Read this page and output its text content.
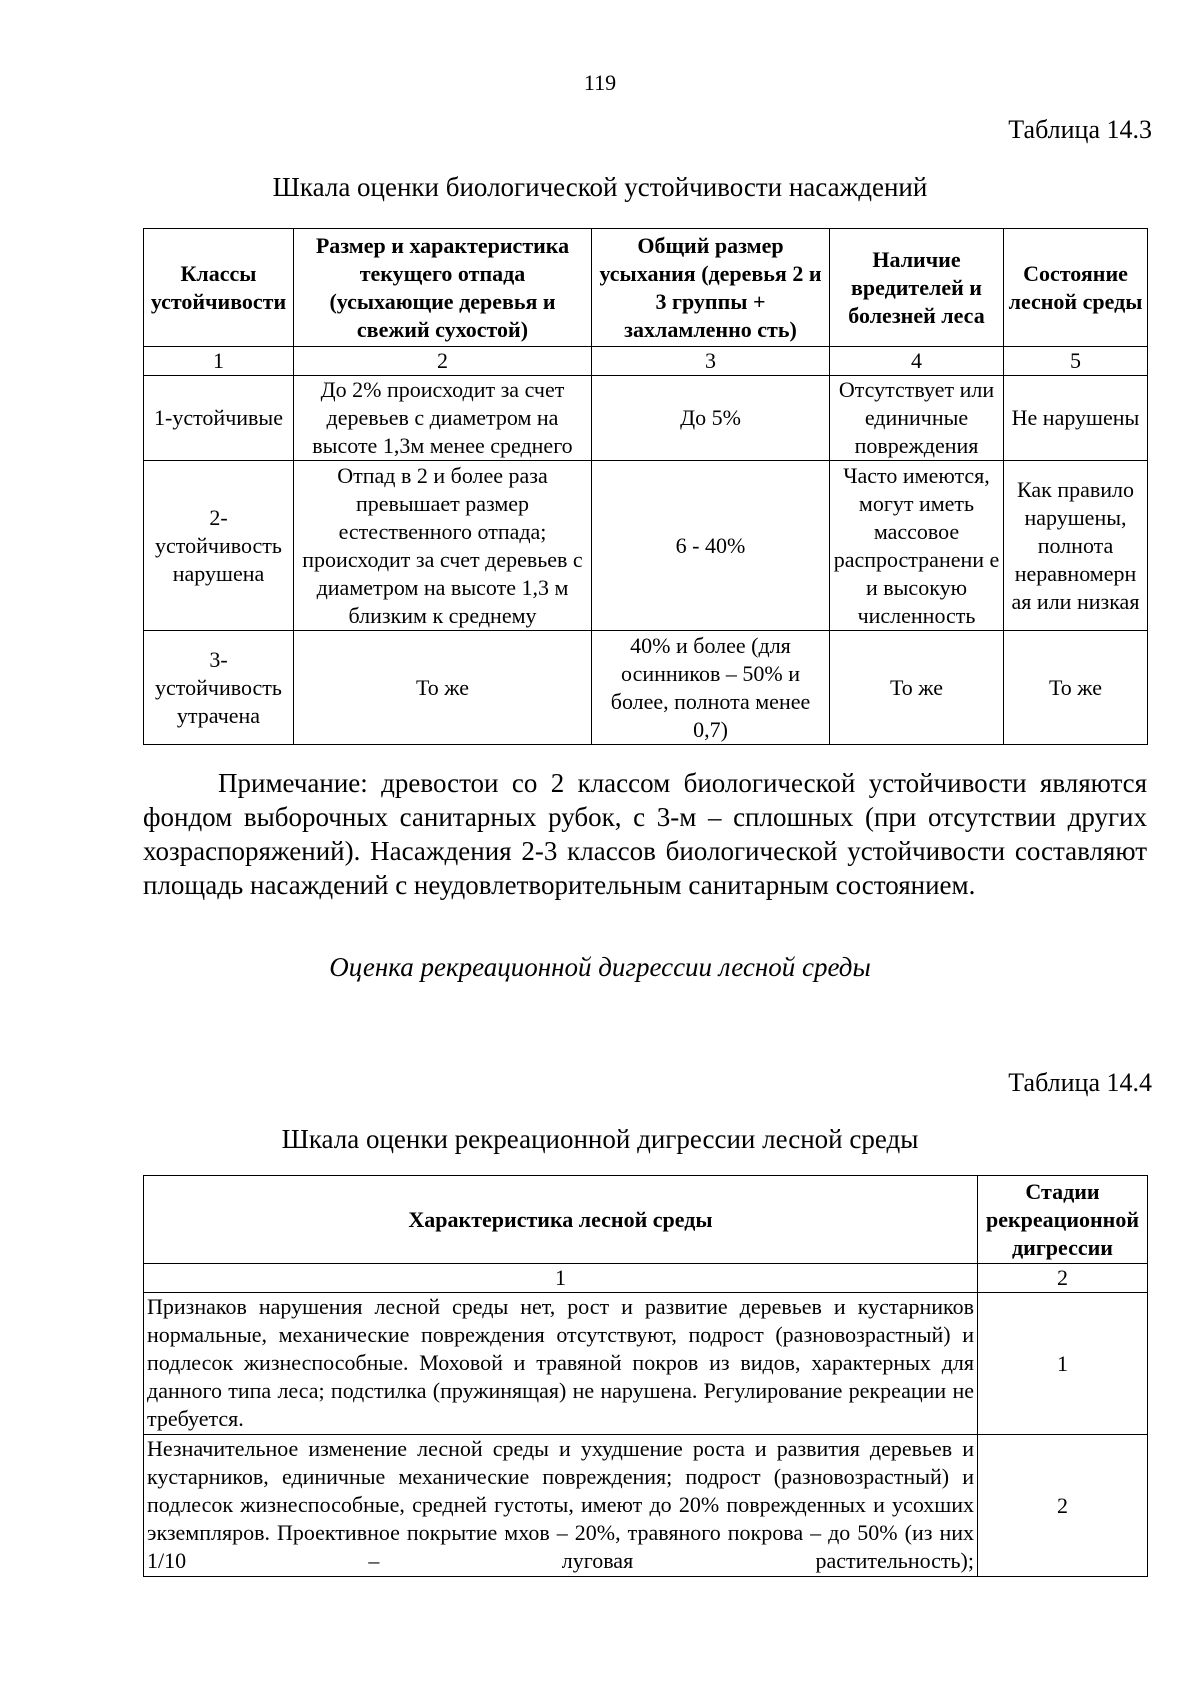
119
Таблица 14.3
Шкала оценки биологической устойчивости насаждений
Классы устойчивости	Размер и характеристика текущего отпада (усыхающие деревья и свежий сухостой)	Общий размер усыхания (деревья 2 и 3 группы + захламленно сть)	Наличие вредителей и болезней леса	Состояние лесной среды
1	2	3	4	5
1-устойчивые	До 2% происходит за счет деревьев с диаметром на высоте 1,3м менее среднего	До 5%	Отсутствует или единичные повреждения	Не нарушены
2-устойчивость нарушена	Отпад в 2 и более раза превышает размер естественного отпада; происходит за счет деревьев с диаметром на высоте 1,3 м близким к среднему	6 - 40%	Часто имеются, могут иметь массовое распространени е и высокую численность	Как правило нарушены, полнота неравномерн ая или низкая
3-устойчивость утрачена	То же	40% и более (для осинников – 50% и более, полнота менее 0,7)	То же	То же
Примечание: древостои со 2 классом биологической устойчивости являются фондом выборочных санитарных рубок, с 3-м – сплошных (при отсутствии других хозраспоряжений). Насаждения 2-3 классов биологической устойчивости составляют площадь насаждений с неудовлетворительным санитарным состоянием.
Оценка рекреационной дигрессии лесной среды
Таблица 14.4
Шкала оценки рекреационной дигрессии лесной среды
Характеристика лесной среды	Стадии рекреационной дигрессии
1	2
Признаков нарушения лесной среды нет, рост и развитие деревьев и кустарников нормальные, механические повреждения отсутствуют, подрост (разновозрастный) и подлесок жизнеспособные. Моховой и травяной покров из видов, характерных для данного типа леса; подстилка (пружинящая) не нарушена. Регулирование рекреации не требуется.	1
Незначительное изменение лесной среды и ухудшение роста и развития деревьев и кустарников, единичные механические повреждения; подрост (разновозрастный) и подлесок жизнеспособные, средней густоты, имеют до 20% поврежденных и усохших экземпляров. Проективное покрытие мхов – 20%, травяного покрова – до 50% (из них 1/10 – луговая растительность);	2
